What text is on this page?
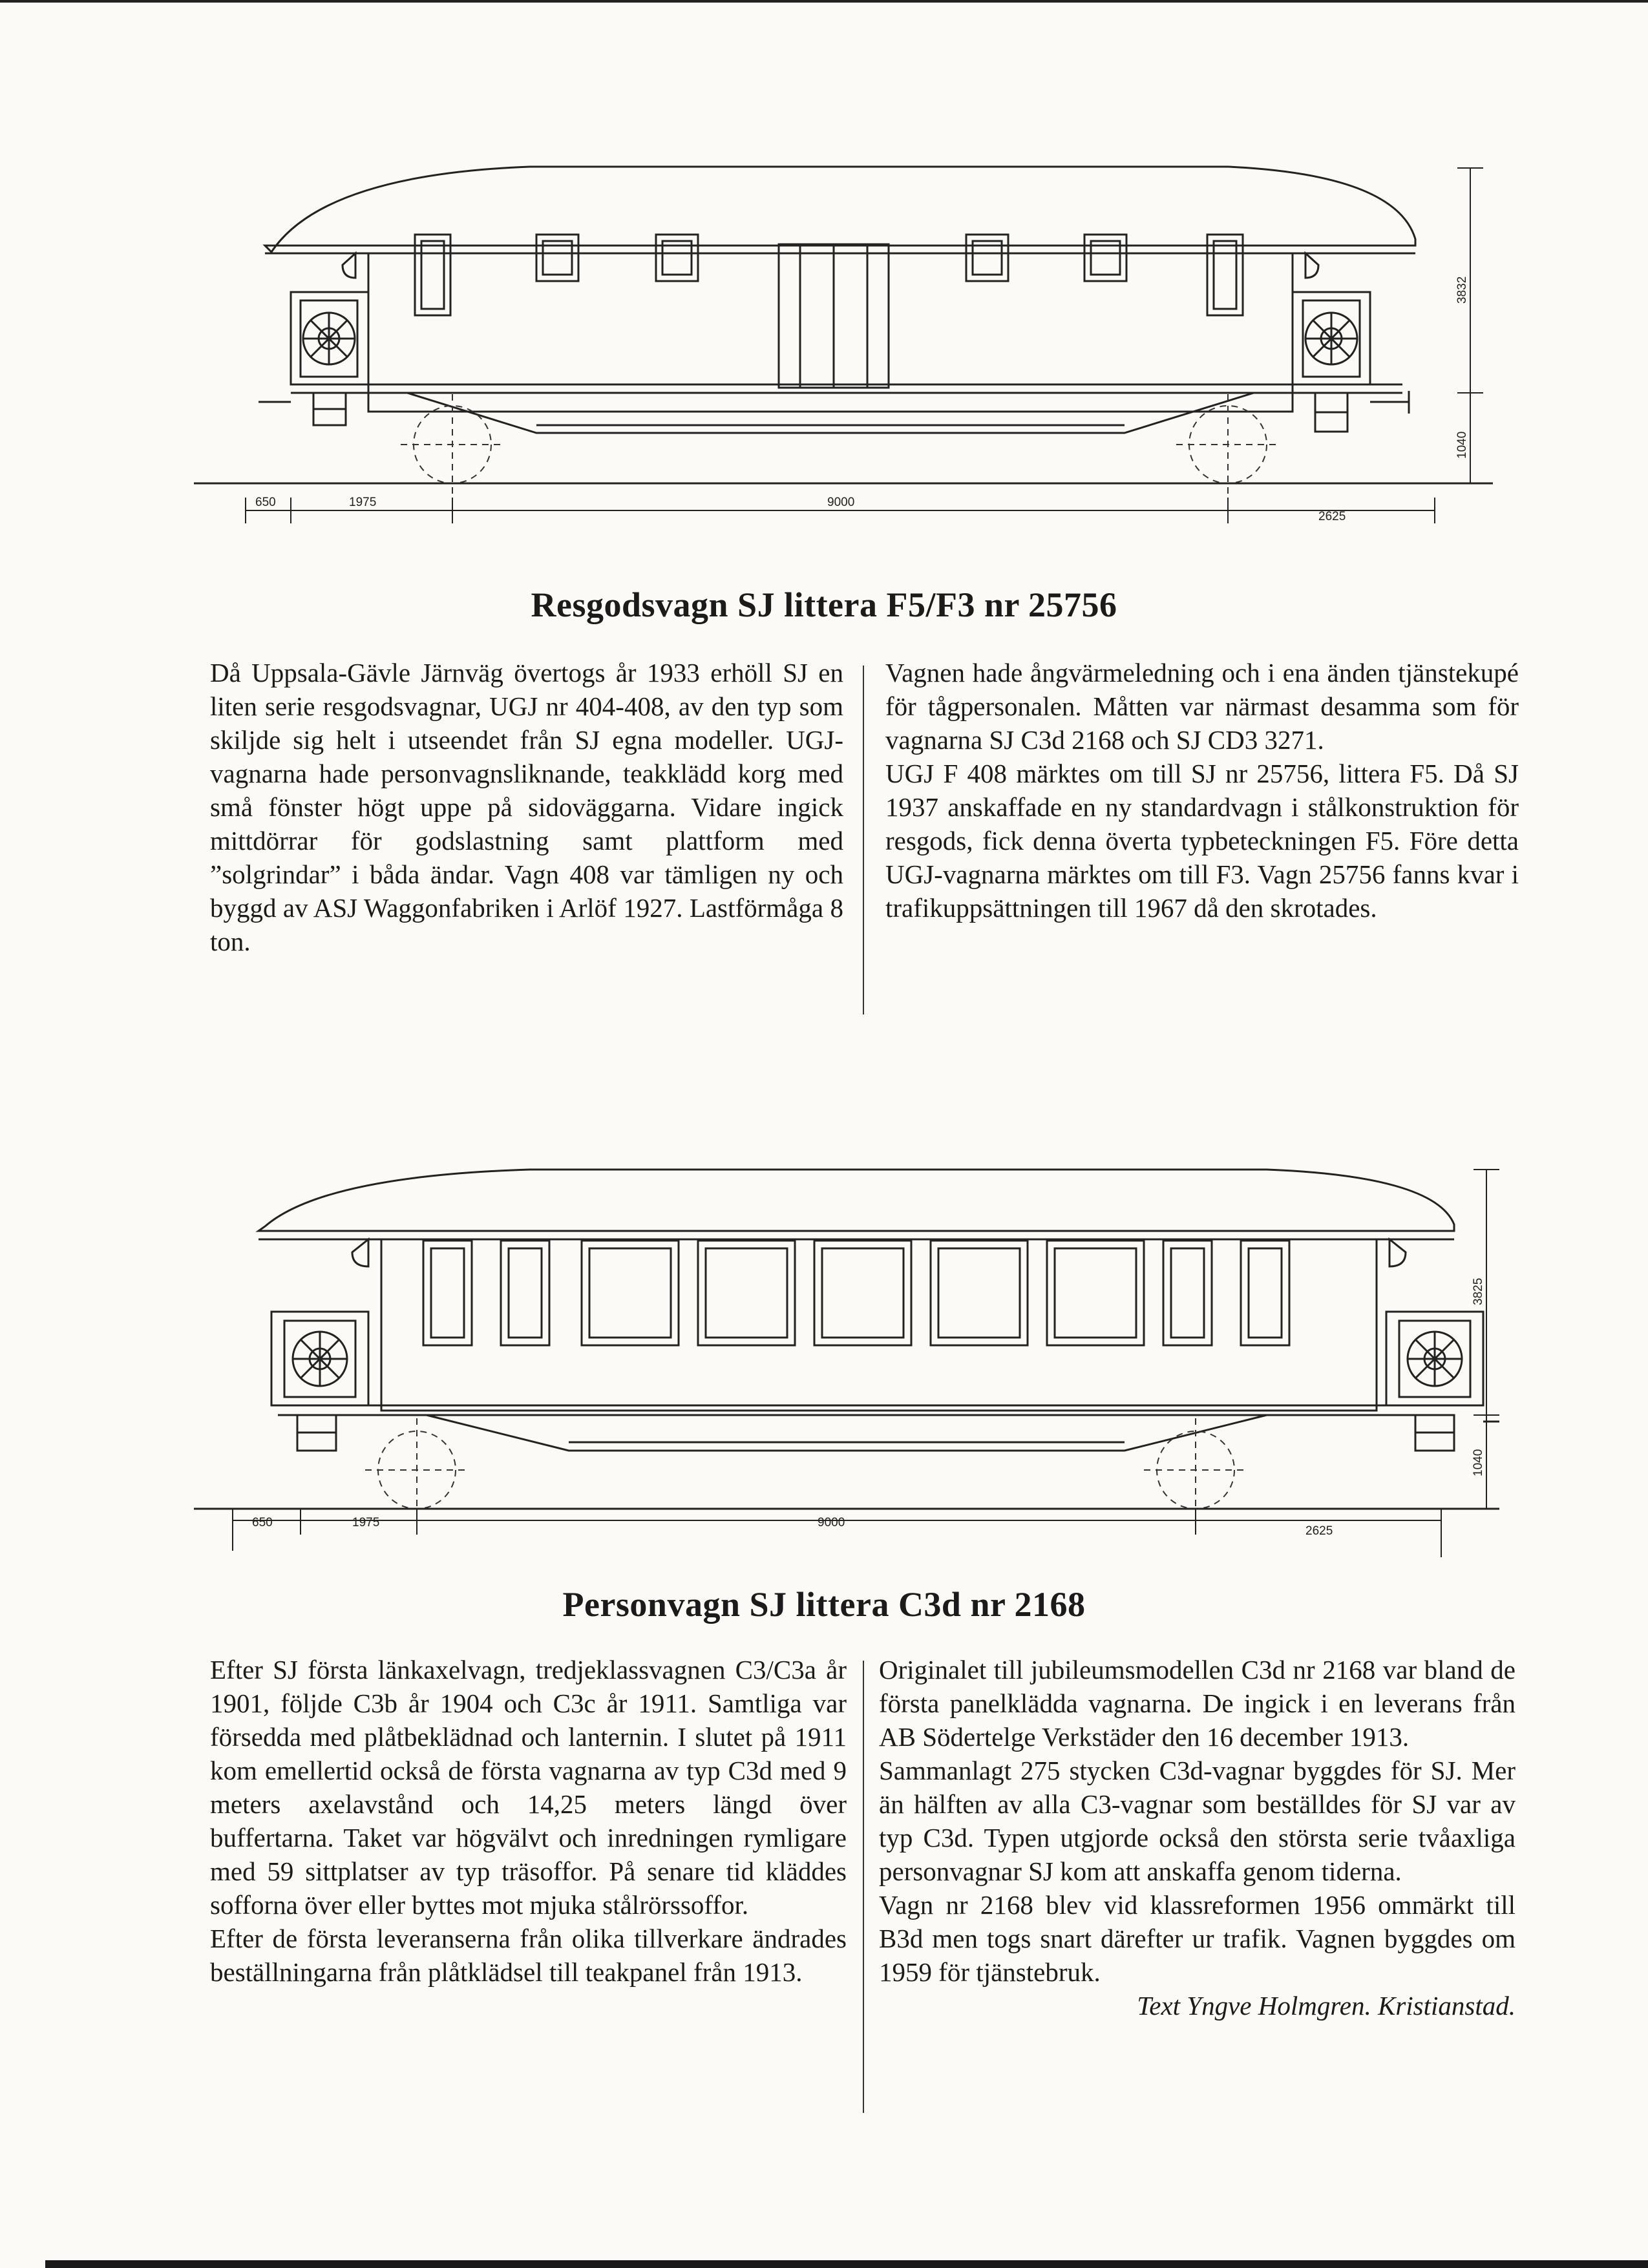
650	1975	9000
2625
3832
1040
Resgodsvagn SJ littera F5/F3 nr 25756

Då Uppsala-Gävle Järnväg övertogs år 1933 erhöll SJ en liten serie resgodsvagnar, UGJ nr 404-408, av den typ som skiljde sig helt i utseendet från SJ egna modeller. UGJ-vagnarna hade personvagnsliknande, teakklädd korg med små fönster högt uppe på sidoväggarna. Vidare ingick mittdörrar för godslastning samt plattform med ”solgrindar” i båda ändar. Vagn 408 var tämligen ny och byggd av ASJ Waggonfabriken i Arlöf 1927. Lastförmåga 8 ton.

Vagnen hade ångvärmeledning och i ena änden tjänstekupé för tågpersonalen. Måtten var närmast desamma som för vagnarna SJ C3d 2168 och SJ CD3 3271.

UGJ F 408 märktes om till SJ nr 25756, littera F5. Då SJ 1937 anskaffade en ny standardvagn i stålkonstruktion för resgods, fick denna överta typbeteckningen F5. Före detta UGJ-vagnarna märktes om till F3. Vagn 25756 fanns kvar i trafikuppsättningen till 1967 då den skrotades.

650	1975	9000
2625
3825
1040
Personvagn SJ littera C3d nr 2168

Efter SJ första länkaxelvagn, tredjeklassvagnen C3/C3a år 1901, följde C3b år 1904 och C3c år 1911. Samtliga var försedda med plåtbeklädnad och lanternin. I slutet på 1911 kom emellertid också de första vagnarna av typ C3d med 9 meters axelavstånd och 14,25 meters längd över buffertarna. Taket var högvälvt och inredningen rymligare med 59 sittplatser av typ träsoffor. På senare tid kläddes sofforna över eller byttes mot mjuka stålrörssoffor.

Efter de första leveranserna från olika tillverkare ändrades beställningarna från plåtklädsel till teakpanel från 1913.

Originalet till jubileumsmodellen C3d nr 2168 var bland de första panelklädda vagnarna. De ingick i en leverans från AB Södertelge Verkstäder den 16 december 1913.

Sammanlagt 275 stycken C3d-vagnar byggdes för SJ. Mer än hälften av alla C3-vagnar som beställdes för SJ var av typ C3d. Typen utgjorde också den största serie tvåaxliga personvagnar SJ kom att anskaffa genom tiderna.

Vagn nr 2168 blev vid klassreformen 1956 ommärkt till B3d men togs snart därefter ur trafik. Vagnen byggdes om 1959 för tjänstebruk.

Text Yngve Holmgren. Kristianstad.
